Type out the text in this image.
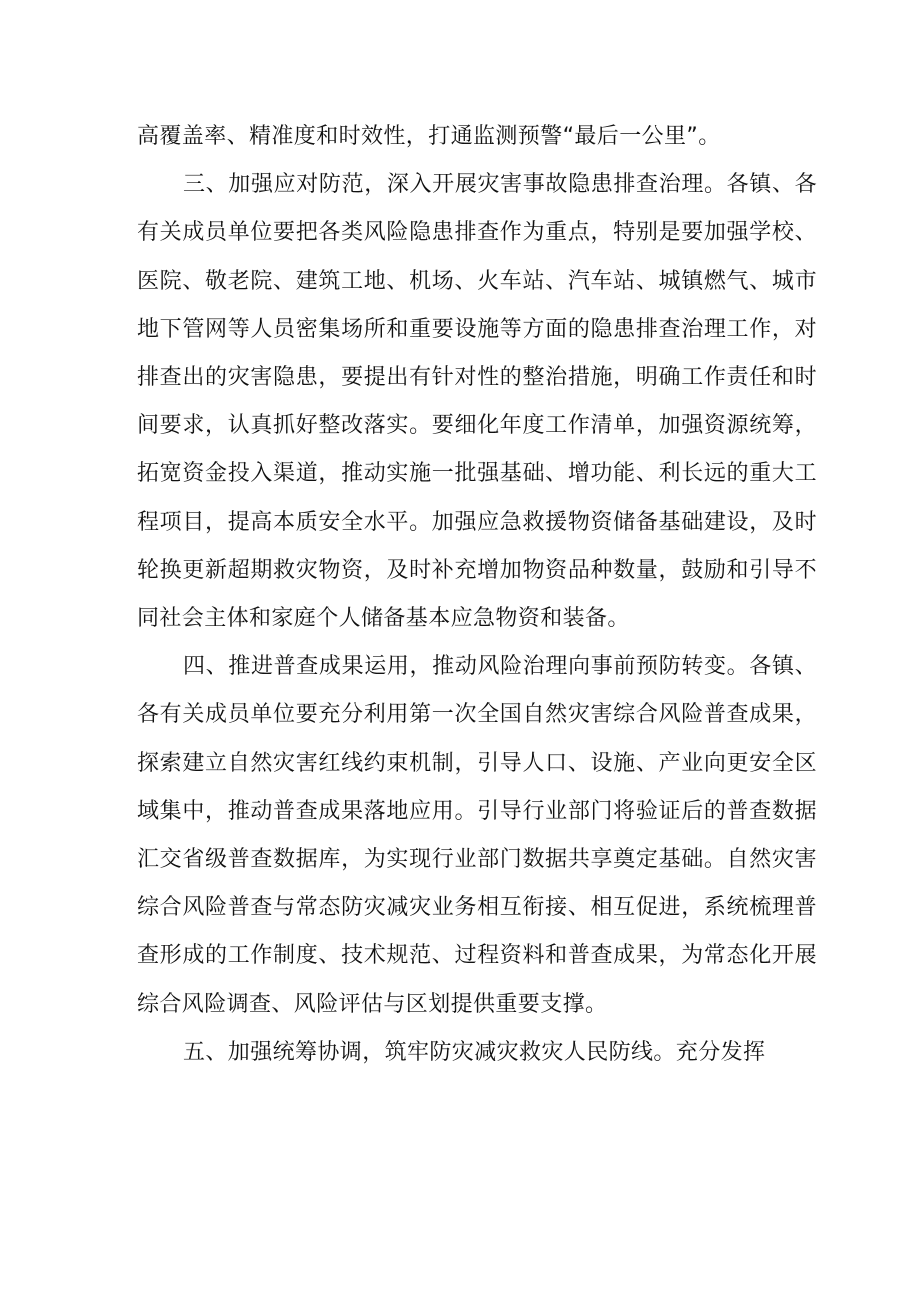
高覆盖率、精准度和时效性，打通监测预警“最后一公里”。

三、加强应对防范，深入开展灾害事故隐患排查治理。各镇、各有关成员单位要把各类风险隐患排查作为重点，特别是要加强学校、医院、敬老院、建筑工地、机场、火车站、汽车站、城镇燃气、城市地下管网等人员密集场所和重要设施等方面的隐患排查治理工作，对排查出的灾害隐患，要提出有针对性的整治措施，明确工作责任和时间要求，认真抓好整改落实。要细化年度工作清单，加强资源统筹，拓宽资金投入渠道，推动实施一批强基础、增功能、利长远的重大工程项目，提高本质安全水平。加强应急救援物资储备基础建设，及时轮换更新超期救灾物资，及时补充增加物资品种数量，鼓励和引导不同社会主体和家庭个人储备基本应急物资和装备。

四、推进普查成果运用，推动风险治理向事前预防转变。各镇、各有关成员单位要充分利用第一次全国自然灾害综合风险普查成果，探索建立自然灾害红线约束机制，引导人口、设施、产业向更安全区域集中，推动普查成果落地应用。引导行业部门将验证后的普查数据汇交省级普查数据库，为实现行业部门数据共享奠定基础。自然灾害综合风险普查与常态防灾减灾业务相互衔接、相互促进，系统梳理普查形成的工作制度、技术规范、过程资料和普查成果，为常态化开展综合风险调查、风险评估与区划提供重要支撑。

五、加强统筹协调，筑牢防灾减灾救灾人民防线。充分发挥
